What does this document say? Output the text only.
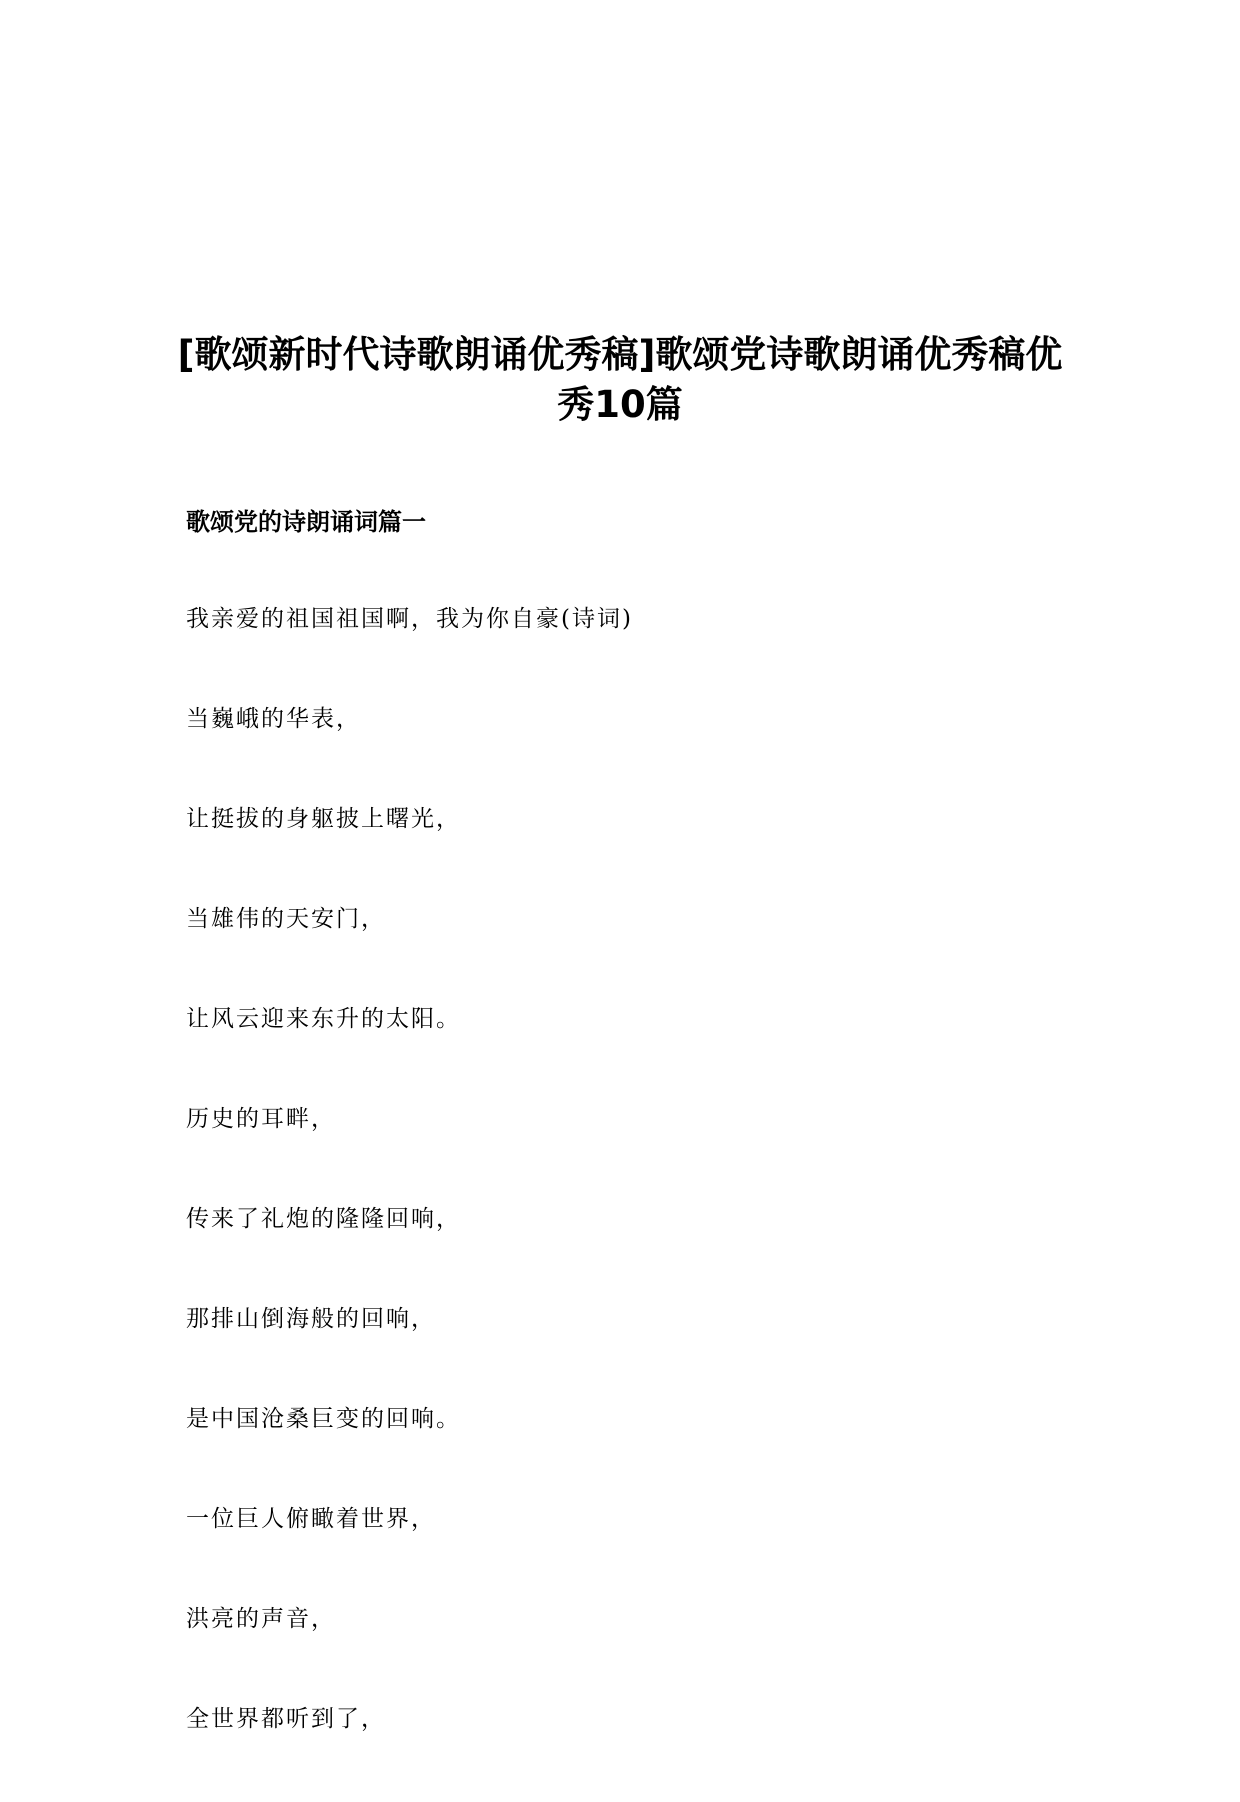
[歌颂新时代诗歌朗诵优秀稿]歌颂党诗歌朗诵优秀稿优
秀10篇
歌颂党的诗朗诵词篇一
我亲爱的祖国祖国啊，我为你自豪(诗词)
当巍峨的华表，
让挺拔的身躯披上曙光，
当雄伟的天安门，
让风云迎来东升的太阳。
历史的耳畔，
传来了礼炮的隆隆回响，
那排山倒海般的回响，
是中国沧桑巨变的回响。
一位巨人俯瞰着世界，
洪亮的声音，
全世界都听到了，
